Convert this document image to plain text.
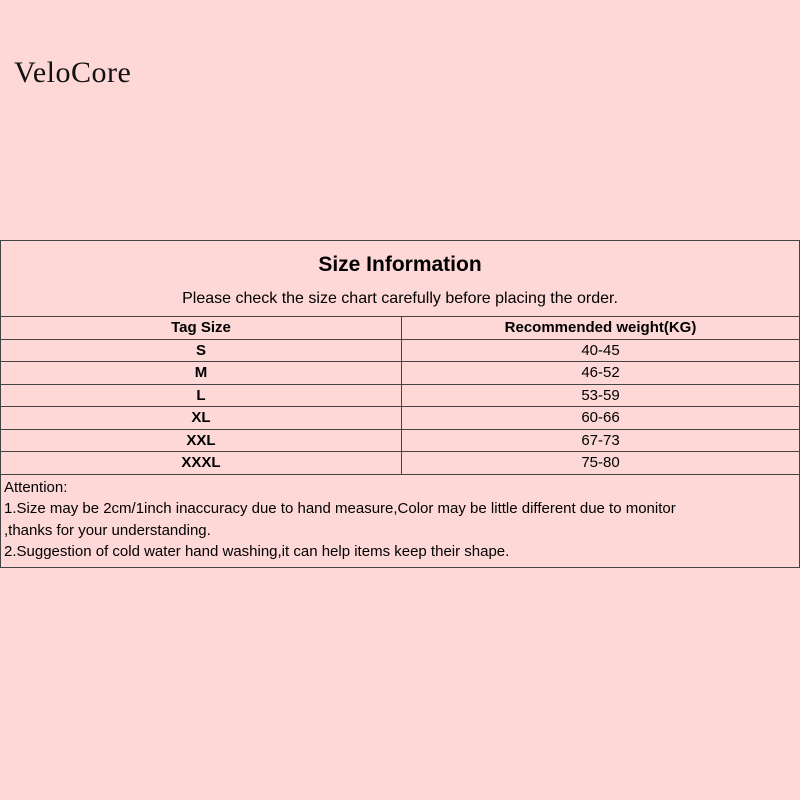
VeloCore
Size Information
Please check the size chart carefully before placing the order.
Tag Size	Recommended weight(KG)
S	40-45
M	46-52
L	53-59
XL	60-66
XXL	67-73
XXXL	75-80
Attention:
1.Size may be 2cm/1inch inaccuracy due to hand measure,Color may be little different due to monitor
,thanks for your understanding.
2.Suggestion of cold water hand washing,it can help items keep their shape.
